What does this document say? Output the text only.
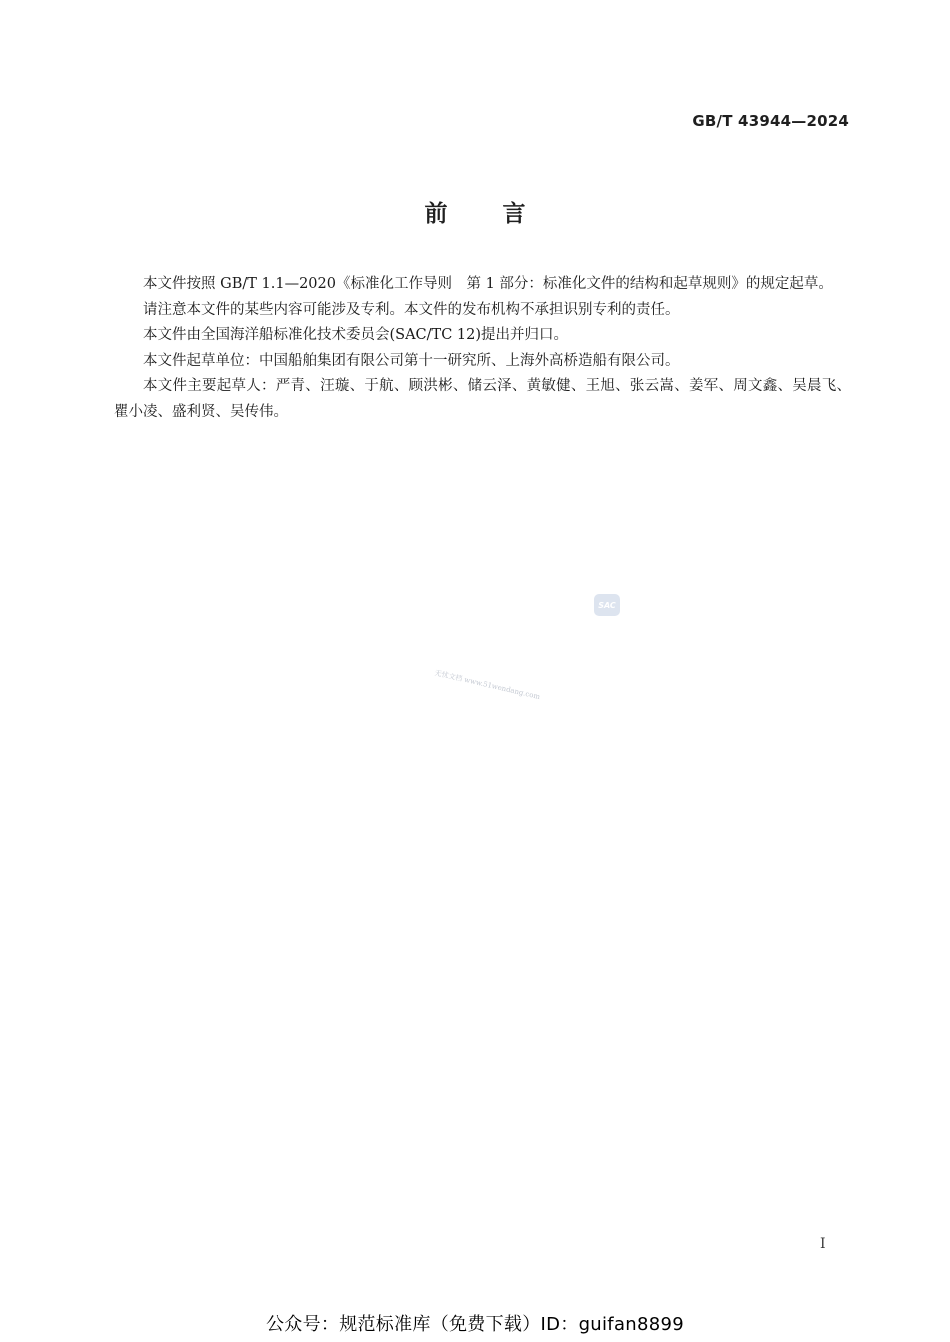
GB/T 43944—2024
前言

本文件按照 GB/T 1.1—2020《标准化工作导则　第 1 部分：标准化文件的结构和起草规则》的规定起草。

请注意本文件的某些内容可能涉及专利。本文件的发布机构不承担识别专利的责任。

本文件由全国海洋船标准化技术委员会(SAC/TC 12)提出并归口。

本文件起草单位：中国船舶集团有限公司第十一研究所、上海外高桥造船有限公司。

本文件主要起草人：严青、汪璇、于航、顾洪彬、储云泽、黄敏健、王旭、张云嵩、姜军、周文鑫、吴晨飞、瞿小凌、盛利贤、吴传伟。

SAC
无忧文档 www.51wendang.com
I
公众号：规范标准库（免费下载）ID：guifan8899
